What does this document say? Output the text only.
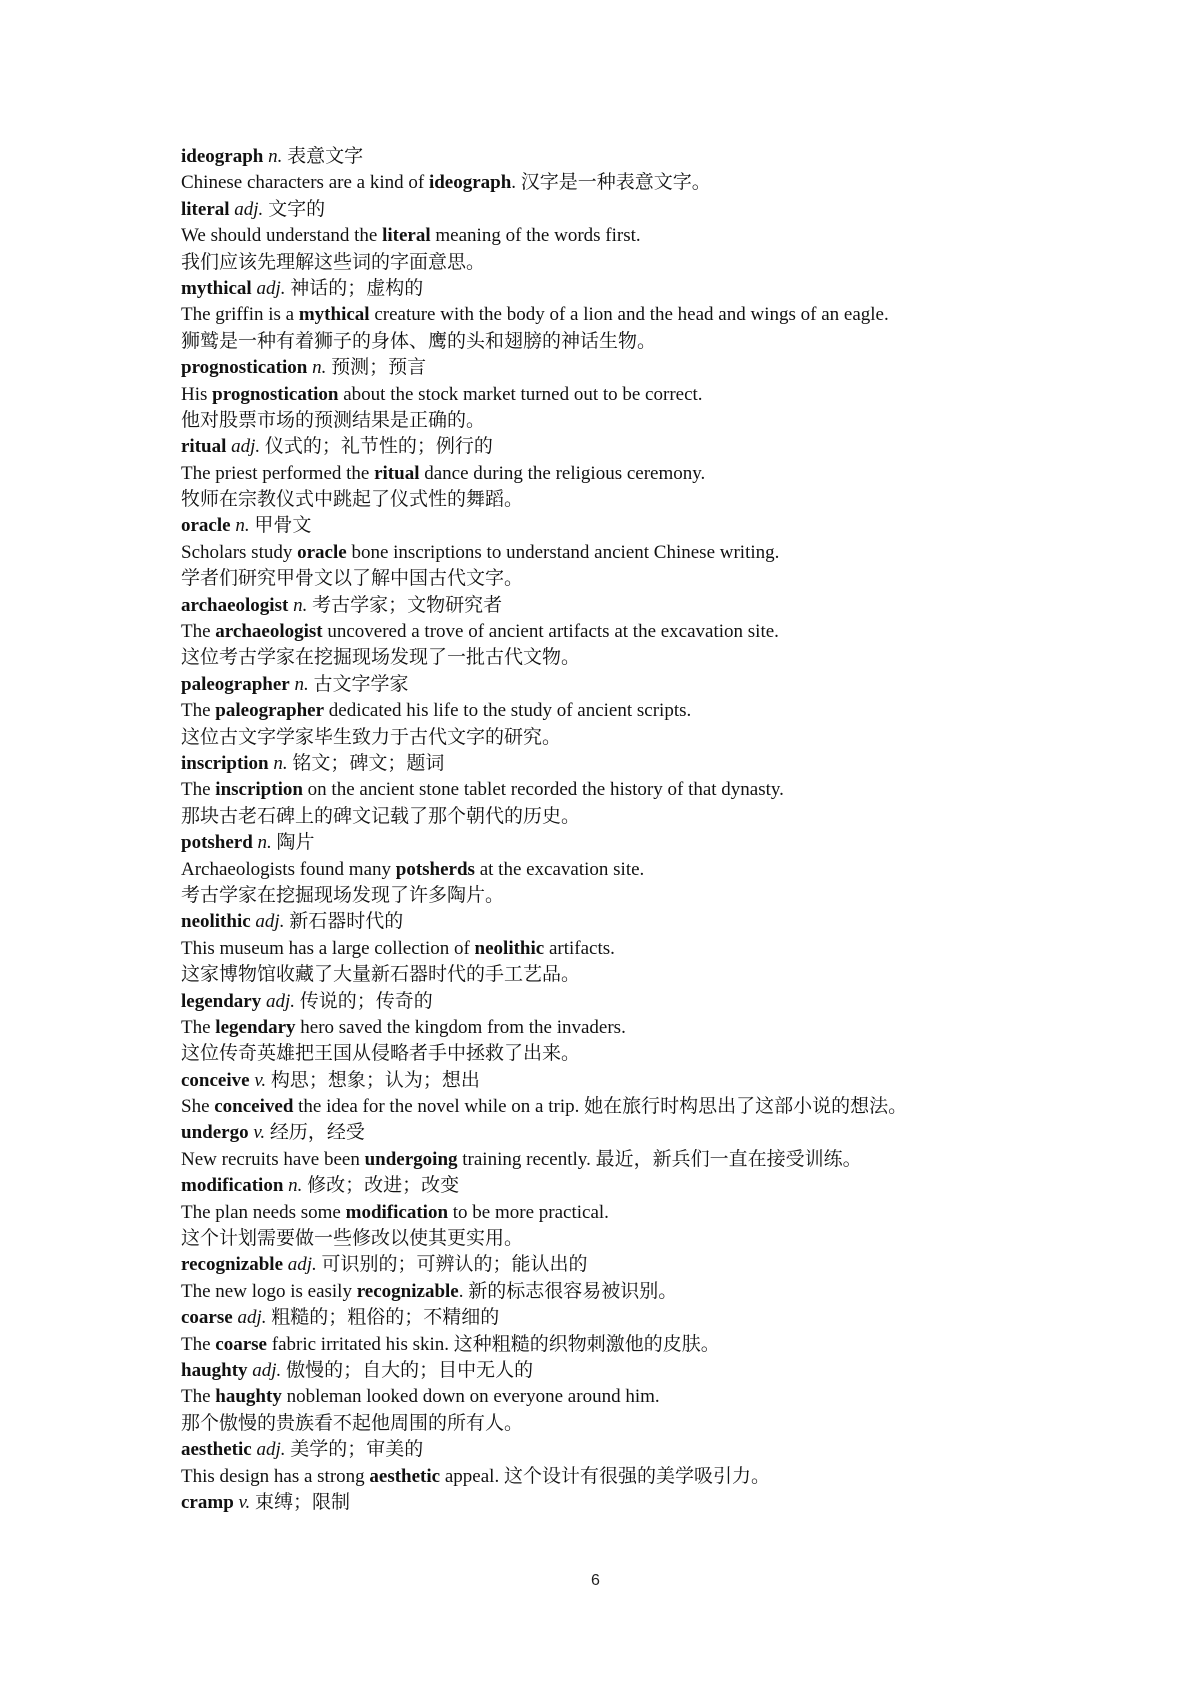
ideograph n. 表意文字
Chinese characters are a kind of ideograph. 汉字是一种表意文字。
literal adj. 文字的
We should understand the literal meaning of the words first.
我们应该先理解这些词的字面意思。
mythical adj. 神话的；虚构的
The griffin is a mythical creature with the body of a lion and the head and wings of an eagle.
狮鹫是一种有着狮子的身体、鹰的头和翅膀的神话生物。
prognostication n. 预测；预言
His prognostication about the stock market turned out to be correct.
他对股票市场的预测结果是正确的。
ritual adj. 仪式的；礼节性的；例行的
The priest performed the ritual dance during the religious ceremony.
牧师在宗教仪式中跳起了仪式性的舞蹈。
oracle n. 甲骨文
Scholars study oracle bone inscriptions to understand ancient Chinese writing.
学者们研究甲骨文以了解中国古代文字。
archaeologist n. 考古学家；文物研究者
The archaeologist uncovered a trove of ancient artifacts at the excavation site.
这位考古学家在挖掘现场发现了一批古代文物。
paleographer n. 古文字学家
The paleographer dedicated his life to the study of ancient scripts.
这位古文字学家毕生致力于古代文字的研究。
inscription n. 铭文；碑文；题词
The inscription on the ancient stone tablet recorded the history of that dynasty.
那块古老石碑上的碑文记载了那个朝代的历史。
potsherd n. 陶片
Archaeologists found many potsherds at the excavation site.
考古学家在挖掘现场发现了许多陶片。
neolithic adj. 新石器时代的
This museum has a large collection of neolithic artifacts.
这家博物馆收藏了大量新石器时代的手工艺品。
legendary adj. 传说的；传奇的
The legendary hero saved the kingdom from the invaders.
这位传奇英雄把王国从侵略者手中拯救了出来。
conceive v. 构思；想象；认为；想出
She conceived the idea for the novel while on a trip. 她在旅行时构思出了这部小说的想法。
undergo v. 经历，经受
New recruits have been undergoing training recently. 最近，新兵们一直在接受训练。
modification n. 修改；改进；改变
The plan needs some modification to be more practical.
这个计划需要做一些修改以使其更实用。
recognizable adj. 可识别的；可辨认的；能认出的
The new logo is easily recognizable. 新的标志很容易被识别。
coarse adj. 粗糙的；粗俗的；不精细的
The coarse fabric irritated his skin. 这种粗糙的织物刺激他的皮肤。
haughty adj. 傲慢的；自大的；目中无人的
The haughty nobleman looked down on everyone around him.
那个傲慢的贵族看不起他周围的所有人。
aesthetic adj. 美学的；审美的
This design has a strong aesthetic appeal. 这个设计有很强的美学吸引力。
cramp v. 束缚；限制
6
